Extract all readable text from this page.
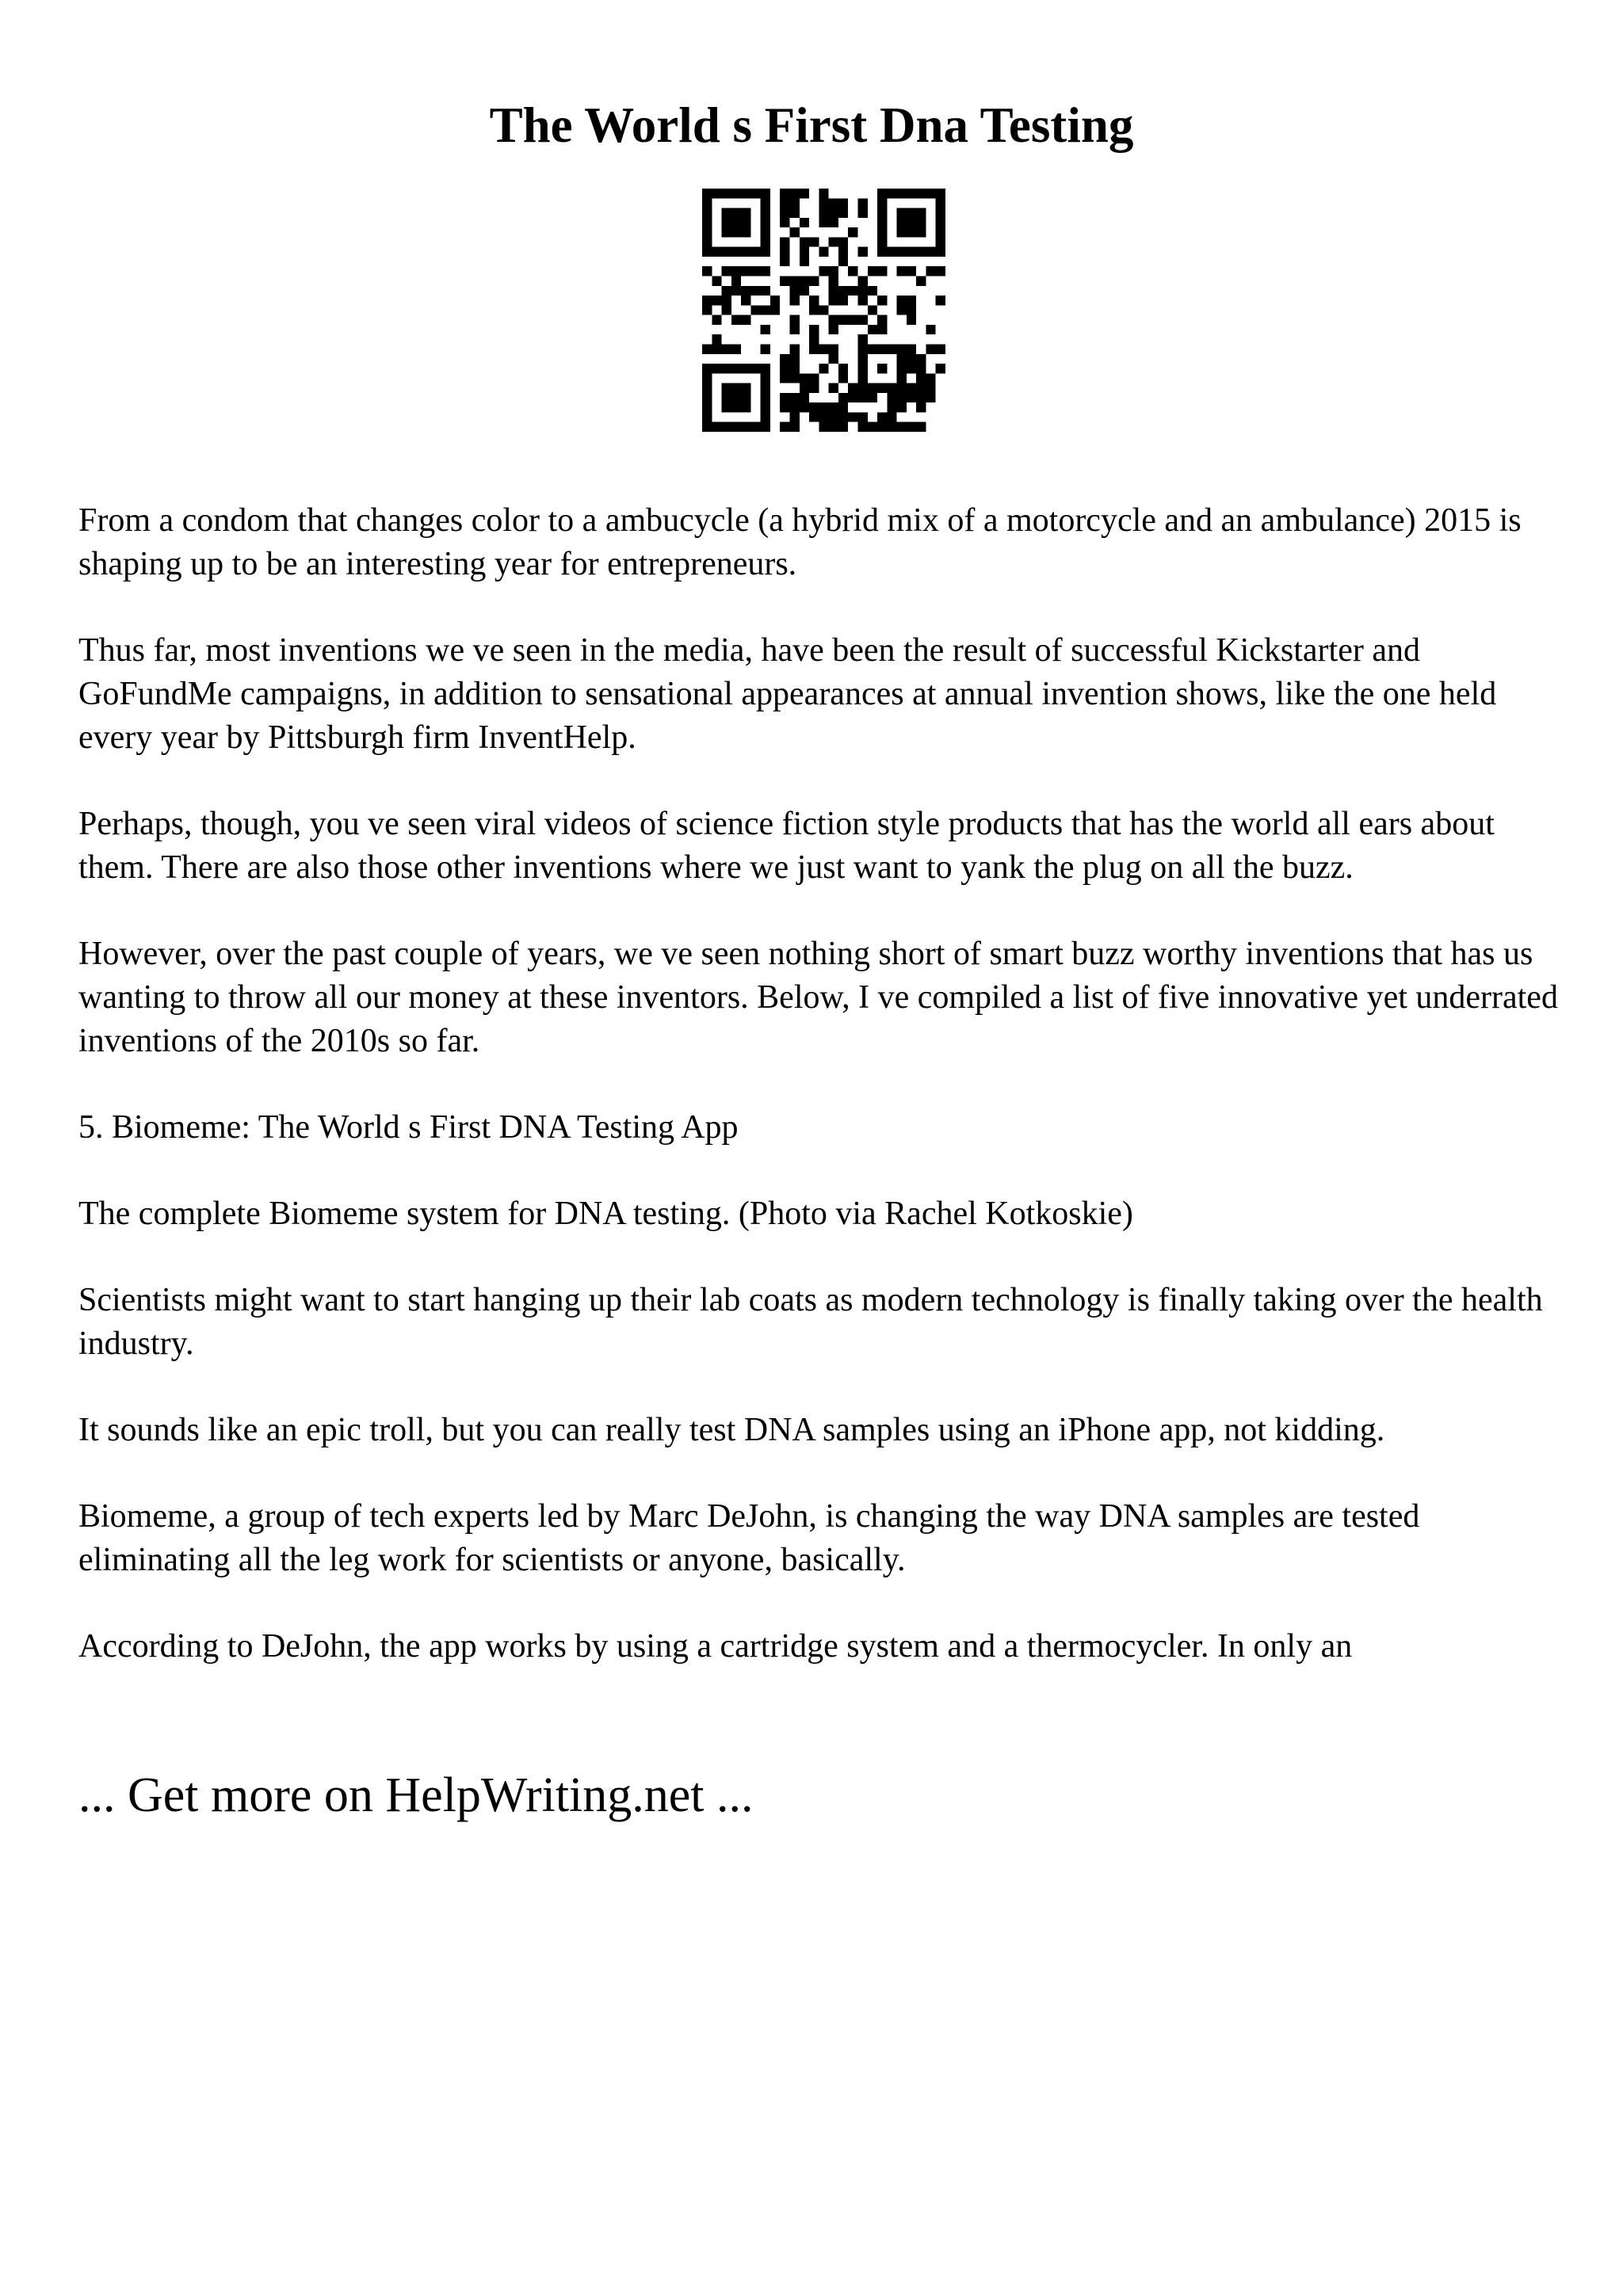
The World s First Dna Testing

From a condom that changes color to a ambucycle (a hybrid mix of a motorcycle and an ambulance) 2015 is shaping up to be an interesting year for entrepreneurs.

Thus far, most inventions we ve seen in the media, have been the result of successful Kickstarter and GoFundMe campaigns, in addition to sensational appearances at annual invention shows, like the one held every year by Pittsburgh firm InventHelp.

Perhaps, though, you ve seen viral videos of science fiction style products that has the world all ears about them. There are also those other inventions where we just want to yank the plug on all the buzz.

However, over the past couple of years, we ve seen nothing short of smart buzz worthy inventions that has us wanting to throw all our money at these inventors. Below, I ve compiled a list of five innovative yet underrated inventions of the 2010s so far.

5. Biomeme: The World s First DNA Testing App

The complete Biomeme system for DNA testing. (Photo via Rachel Kotkoskie)

Scientists might want to start hanging up their lab coats as modern technology is finally taking over the health industry.

It sounds like an epic troll, but you can really test DNA samples using an iPhone app, not kidding.

Biomeme, a group of tech experts led by Marc DeJohn, is changing the way DNA samples are tested eliminating all the leg work for scientists or anyone, basically.

According to DeJohn, the app works by using a cartridge system and a thermocycler. In only an

... Get more on HelpWriting.net ...
